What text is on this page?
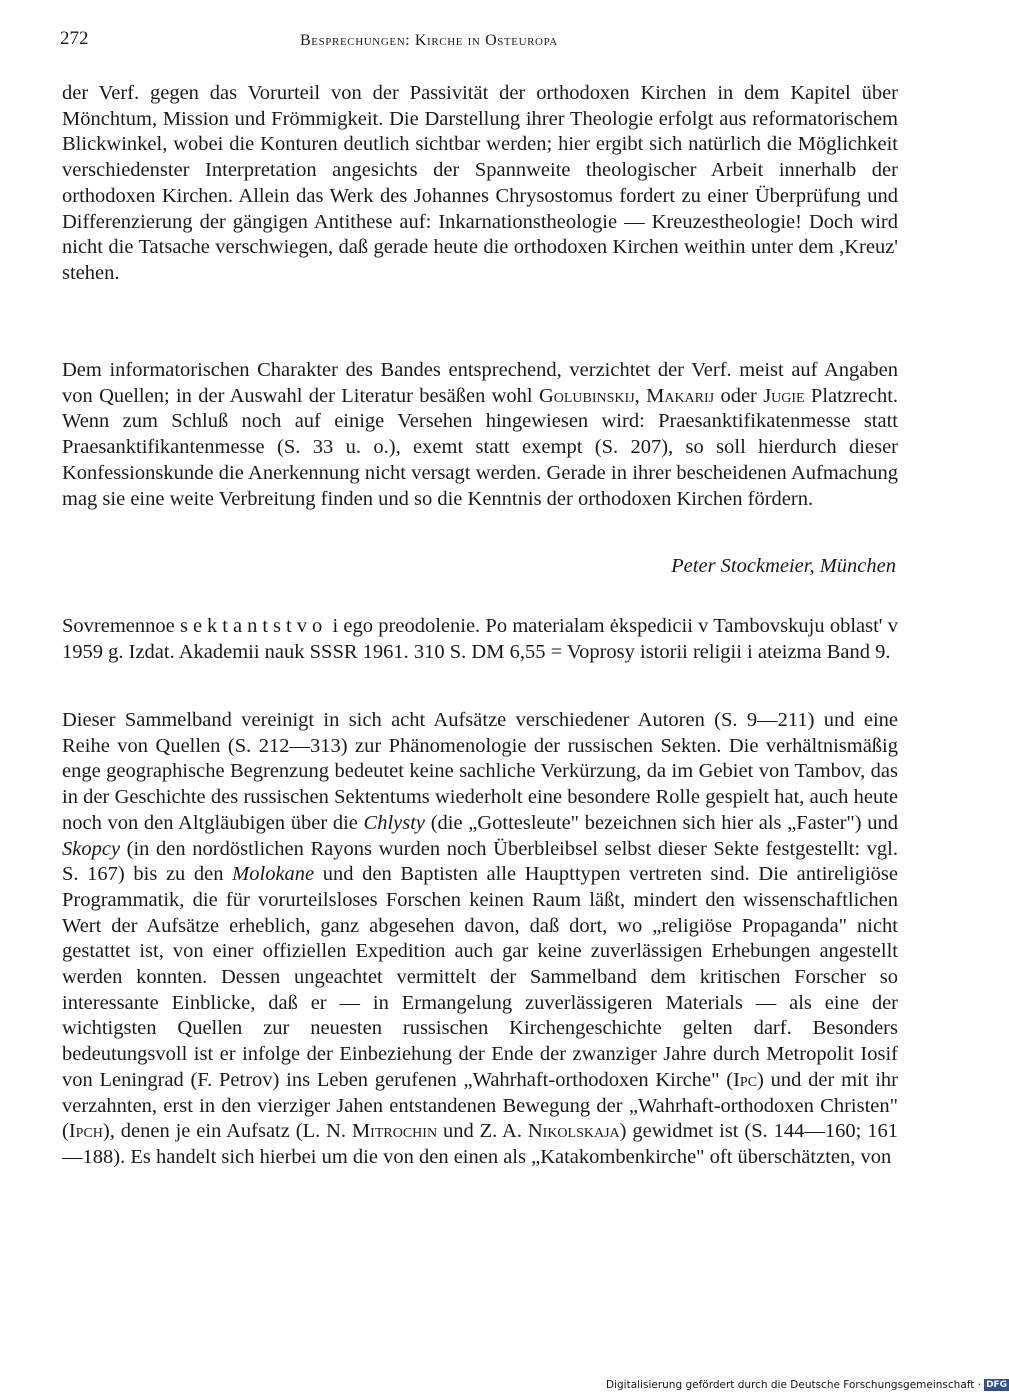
272	Besprechungen: Kirche in Osteuropa

der Verf. gegen das Vorurteil von der Passivität der orthodoxen Kirchen in dem Kapitel über Mönchtum, Mission und Frömmigkeit. Die Darstellung ihrer Theologie erfolgt aus reformatorischem Blickwinkel, wobei die Konturen deutlich sichtbar werden; hier ergibt sich natürlich die Möglichkeit verschiedenster Interpretation angesichts der Spannweite theologischer Arbeit innerhalb der orthodoxen Kirchen. Allein das Werk des Johannes Chrysostomus fordert zu einer Überprüfung und Differenzierung der gängigen Antithese auf: Inkarnationstheologie — Kreuzestheologie! Doch wird nicht die Tatsache verschwiegen, daß gerade heute die orthodoxen Kirchen weithin unter dem ,Kreuz' stehen.

Dem informatorischen Charakter des Bandes entsprechend, verzichtet der Verf. meist auf Angaben von Quellen; in der Auswahl der Literatur besäßen wohl Golubinskij, Makarij oder Jugie Platzrecht. Wenn zum Schluß noch auf einige Versehen hingewiesen wird: Praesanktifikatenmesse statt Praesanktifikantenmesse (S. 33 u. o.), exemt statt exempt (S. 207), so soll hierdurch dieser Konfessionskunde die Anerkennung nicht versagt werden. Gerade in ihrer bescheidenen Aufmachung mag sie eine weite Verbreitung finden und so die Kenntnis der orthodoxen Kirchen fördern.

Peter Stockmeier, München

Sovremennoe sektantstvo i ego preodolenie. Po materialam ėkspedicii v Tambovskuju oblast' v 1959 g. Izdat. Akademii nauk SSSR 1961. 310 S. DM 6,55 = Voprosy istorii religii i ateizma Band 9.

Dieser Sammelband vereinigt in sich acht Aufsätze verschiedener Autoren (S. 9—211) und eine Reihe von Quellen (S. 212—313) zur Phänomenologie der russischen Sekten. Die verhältnismäßig enge geographische Begrenzung bedeutet keine sachliche Verkürzung, da im Gebiet von Tambov, das in der Geschichte des russischen Sektentums wiederholt eine besondere Rolle gespielt hat, auch heute noch von den Altgläubigen über die Chlysty (die „Gottesleute" bezeichnen sich hier als „Faster") und Skopcy (in den nordöstlichen Rayons wurden noch Überbleibsel selbst dieser Sekte festgestellt: vgl. S. 167) bis zu den Molokane und den Baptisten alle Haupttypen vertreten sind. Die antireligiöse Programmatik, die für vorurteilsloses Forschen keinen Raum läßt, mindert den wissenschaftlichen Wert der Aufsätze erheblich, ganz abgesehen davon, daß dort, wo „religiöse Propaganda" nicht gestattet ist, von einer offiziellen Expedition auch gar keine zuverlässigen Erhebungen angestellt werden konnten. Dessen ungeachtet vermittelt der Sammelband dem kritischen Forscher so interessante Einblicke, daß er — in Ermangelung zuverlässigeren Materials — als eine der wichtigsten Quellen zur neuesten russischen Kirchengeschichte gelten darf. Besonders bedeutungsvoll ist er infolge der Einbeziehung der Ende der zwanziger Jahre durch Metropolit Iosif von Leningrad (F. Petrov) ins Leben gerufenen „Wahrhaft-orthodoxen Kirche" (Ipc) und der mit ihr verzahnten, erst in den vierziger Jahen entstandenen Bewegung der „Wahrhaft-orthodoxen Christen" (Ipch), denen je ein Aufsatz (L. N. Mitrochin und Z. A. Nikolskaja) gewidmet ist (S. 144—160; 161—188). Es handelt sich hierbei um die von den einen als „Katakombenkirche" oft überschätzten, von

Digitalisierung gefördert durch die Deutsche Forschungsgemeinschaft · DFG
